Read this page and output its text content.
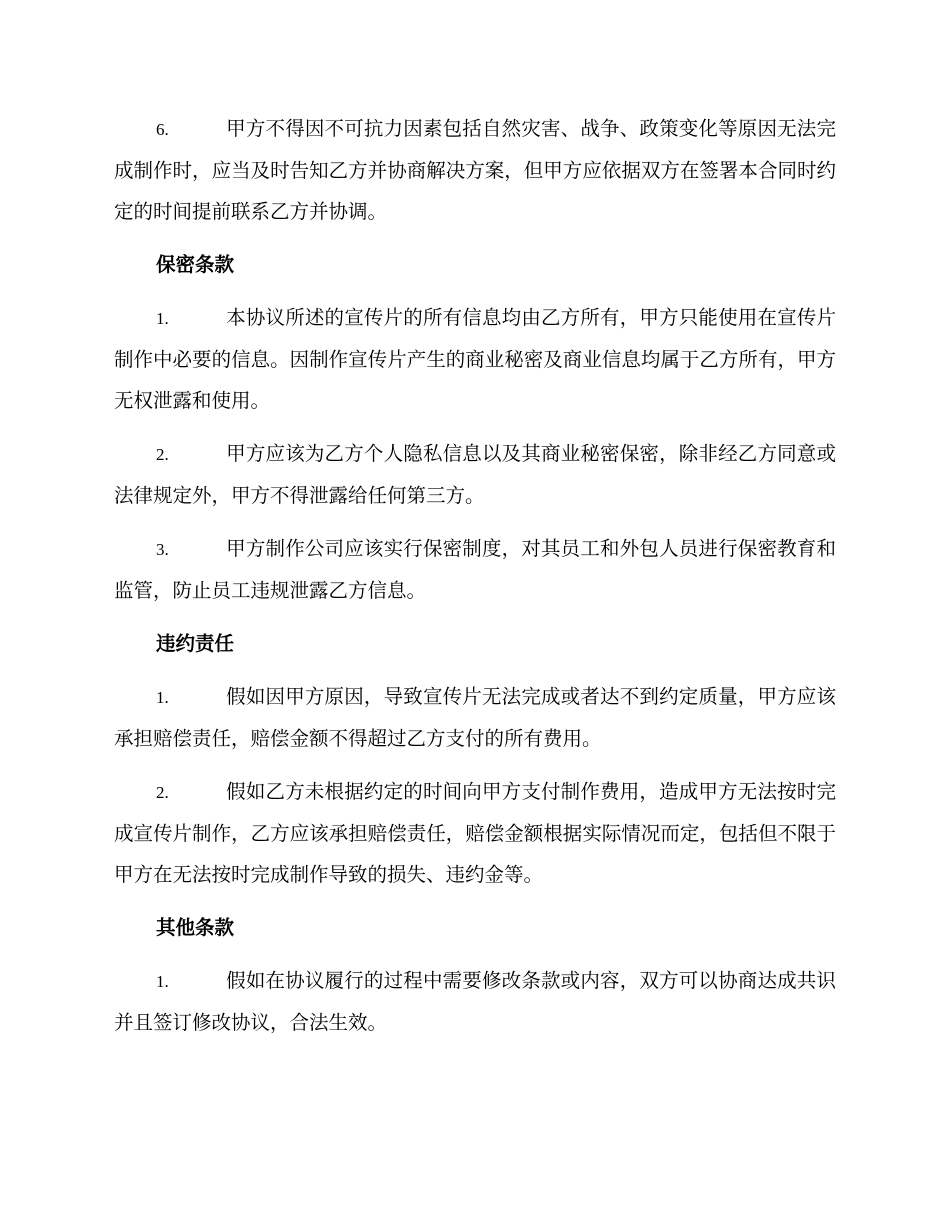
6.	甲方不得因不可抗力因素包括自然灾害、战争、政策变化等原因无法完成制作时，应当及时告知乙方并协商解决方案，但甲方应依据双方在签署本合同时约定的时间提前联系乙方并协调。

保密条款

1.	本协议所述的宣传片的所有信息均由乙方所有，甲方只能使用在宣传片制作中必要的信息。因制作宣传片产生的商业秘密及商业信息均属于乙方所有，甲方无权泄露和使用。

2.	甲方应该为乙方个人隐私信息以及其商业秘密保密，除非经乙方同意或法律规定外，甲方不得泄露给任何第三方。

3.	甲方制作公司应该实行保密制度，对其员工和外包人员进行保密教育和监管，防止员工违规泄露乙方信息。

违约责任

1.	假如因甲方原因，导致宣传片无法完成或者达不到约定质量，甲方应该承担赔偿责任，赔偿金额不得超过乙方支付的所有费用。

2.	假如乙方未根据约定的时间向甲方支付制作费用，造成甲方无法按时完成宣传片制作，乙方应该承担赔偿责任，赔偿金额根据实际情况而定，包括但不限于甲方在无法按时完成制作导致的损失、违约金等。

其他条款

1.	假如在协议履行的过程中需要修改条款或内容，双方可以协商达成共识并且签订修改协议，合法生效。
